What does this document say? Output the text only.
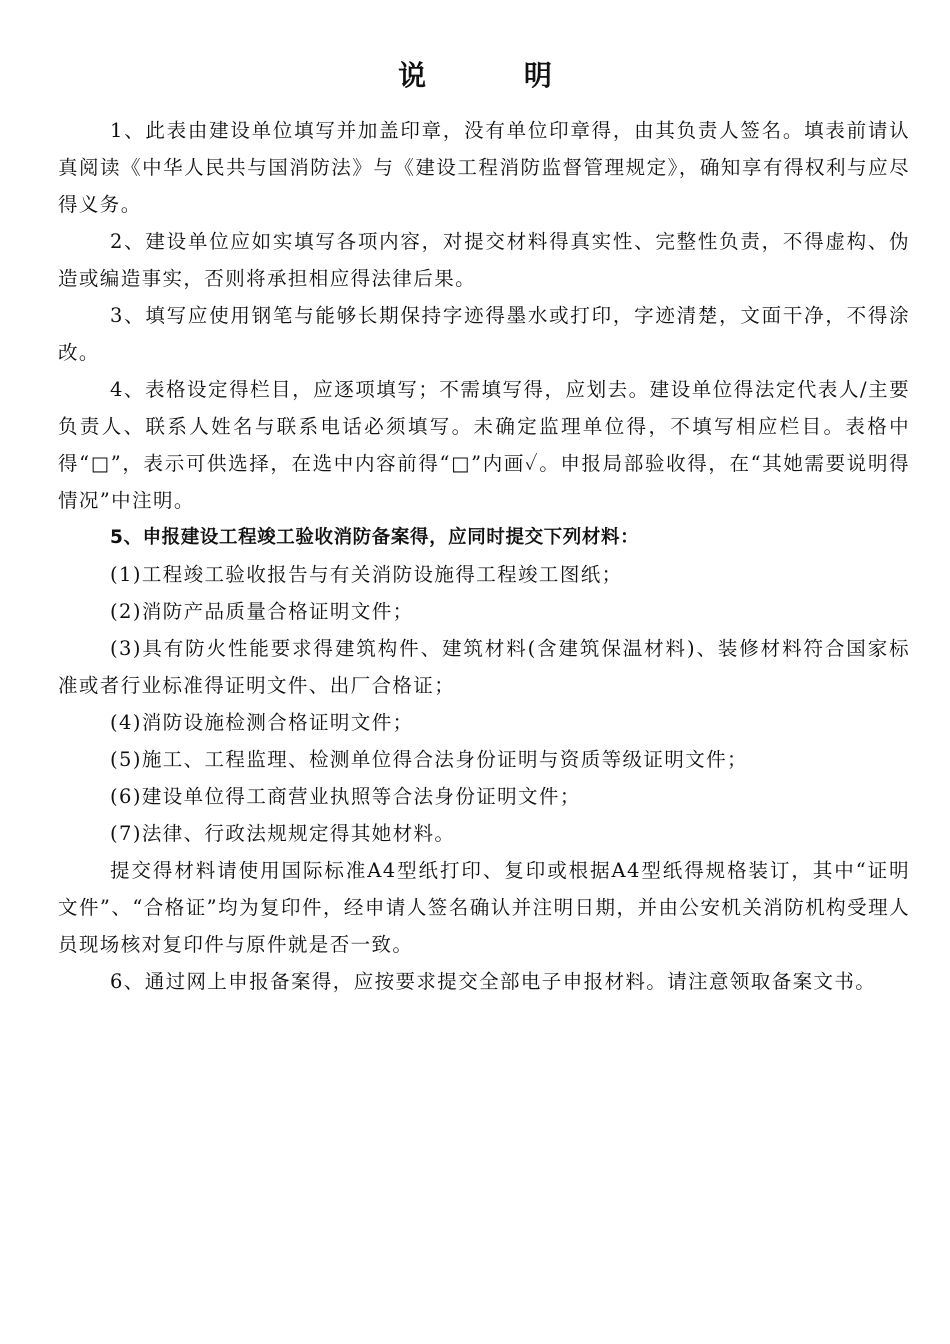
说 明

1、此表由建设单位填写并加盖印章，没有单位印章得，由其负责人签名。填表前请认真阅读《中华人民共与国消防法》与《建设工程消防监督管理规定》，确知享有得权利与应尽得义务。

2、建设单位应如实填写各项内容，对提交材料得真实性、完整性负责，不得虚构、伪造或编造事实，否则将承担相应得法律后果。

3、填写应使用钢笔与能够长期保持字迹得墨水或打印，字迹清楚，文面干净，不得涂改。

4、表格设定得栏目，应逐项填写；不需填写得，应划去。建设单位得法定代表人/主要负责人、联系人姓名与联系电话必须填写。未确定监理单位得，不填写相应栏目。表格中得“□”，表示可供选择，在选中内容前得“□”内画✓。申报局部验收得，在“其她需要说明得情况”中注明。

5、申报建设工程竣工验收消防备案得，应同时提交下列材料：

(1)工程竣工验收报告与有关消防设施得工程竣工图纸；

(2)消防产品质量合格证明文件；

(3)具有防火性能要求得建筑构件、建筑材料(含建筑保温材料)、装修材料符合国家标准或者行业标准得证明文件、出厂合格证；

(4)消防设施检测合格证明文件；

(5)施工、工程监理、检测单位得合法身份证明与资质等级证明文件；

(6)建设单位得工商营业执照等合法身份证明文件；

(7)法律、行政法规规定得其她材料。

提交得材料请使用国际标准A4型纸打印、复印或根据A4型纸得规格装订，其中“证明文件”、“合格证”均为复印件，经申请人签名确认并注明日期，并由公安机关消防机构受理人员现场核对复印件与原件就是否一致。

6、通过网上申报备案得，应按要求提交全部电子申报材料。请注意领取备案文书。
